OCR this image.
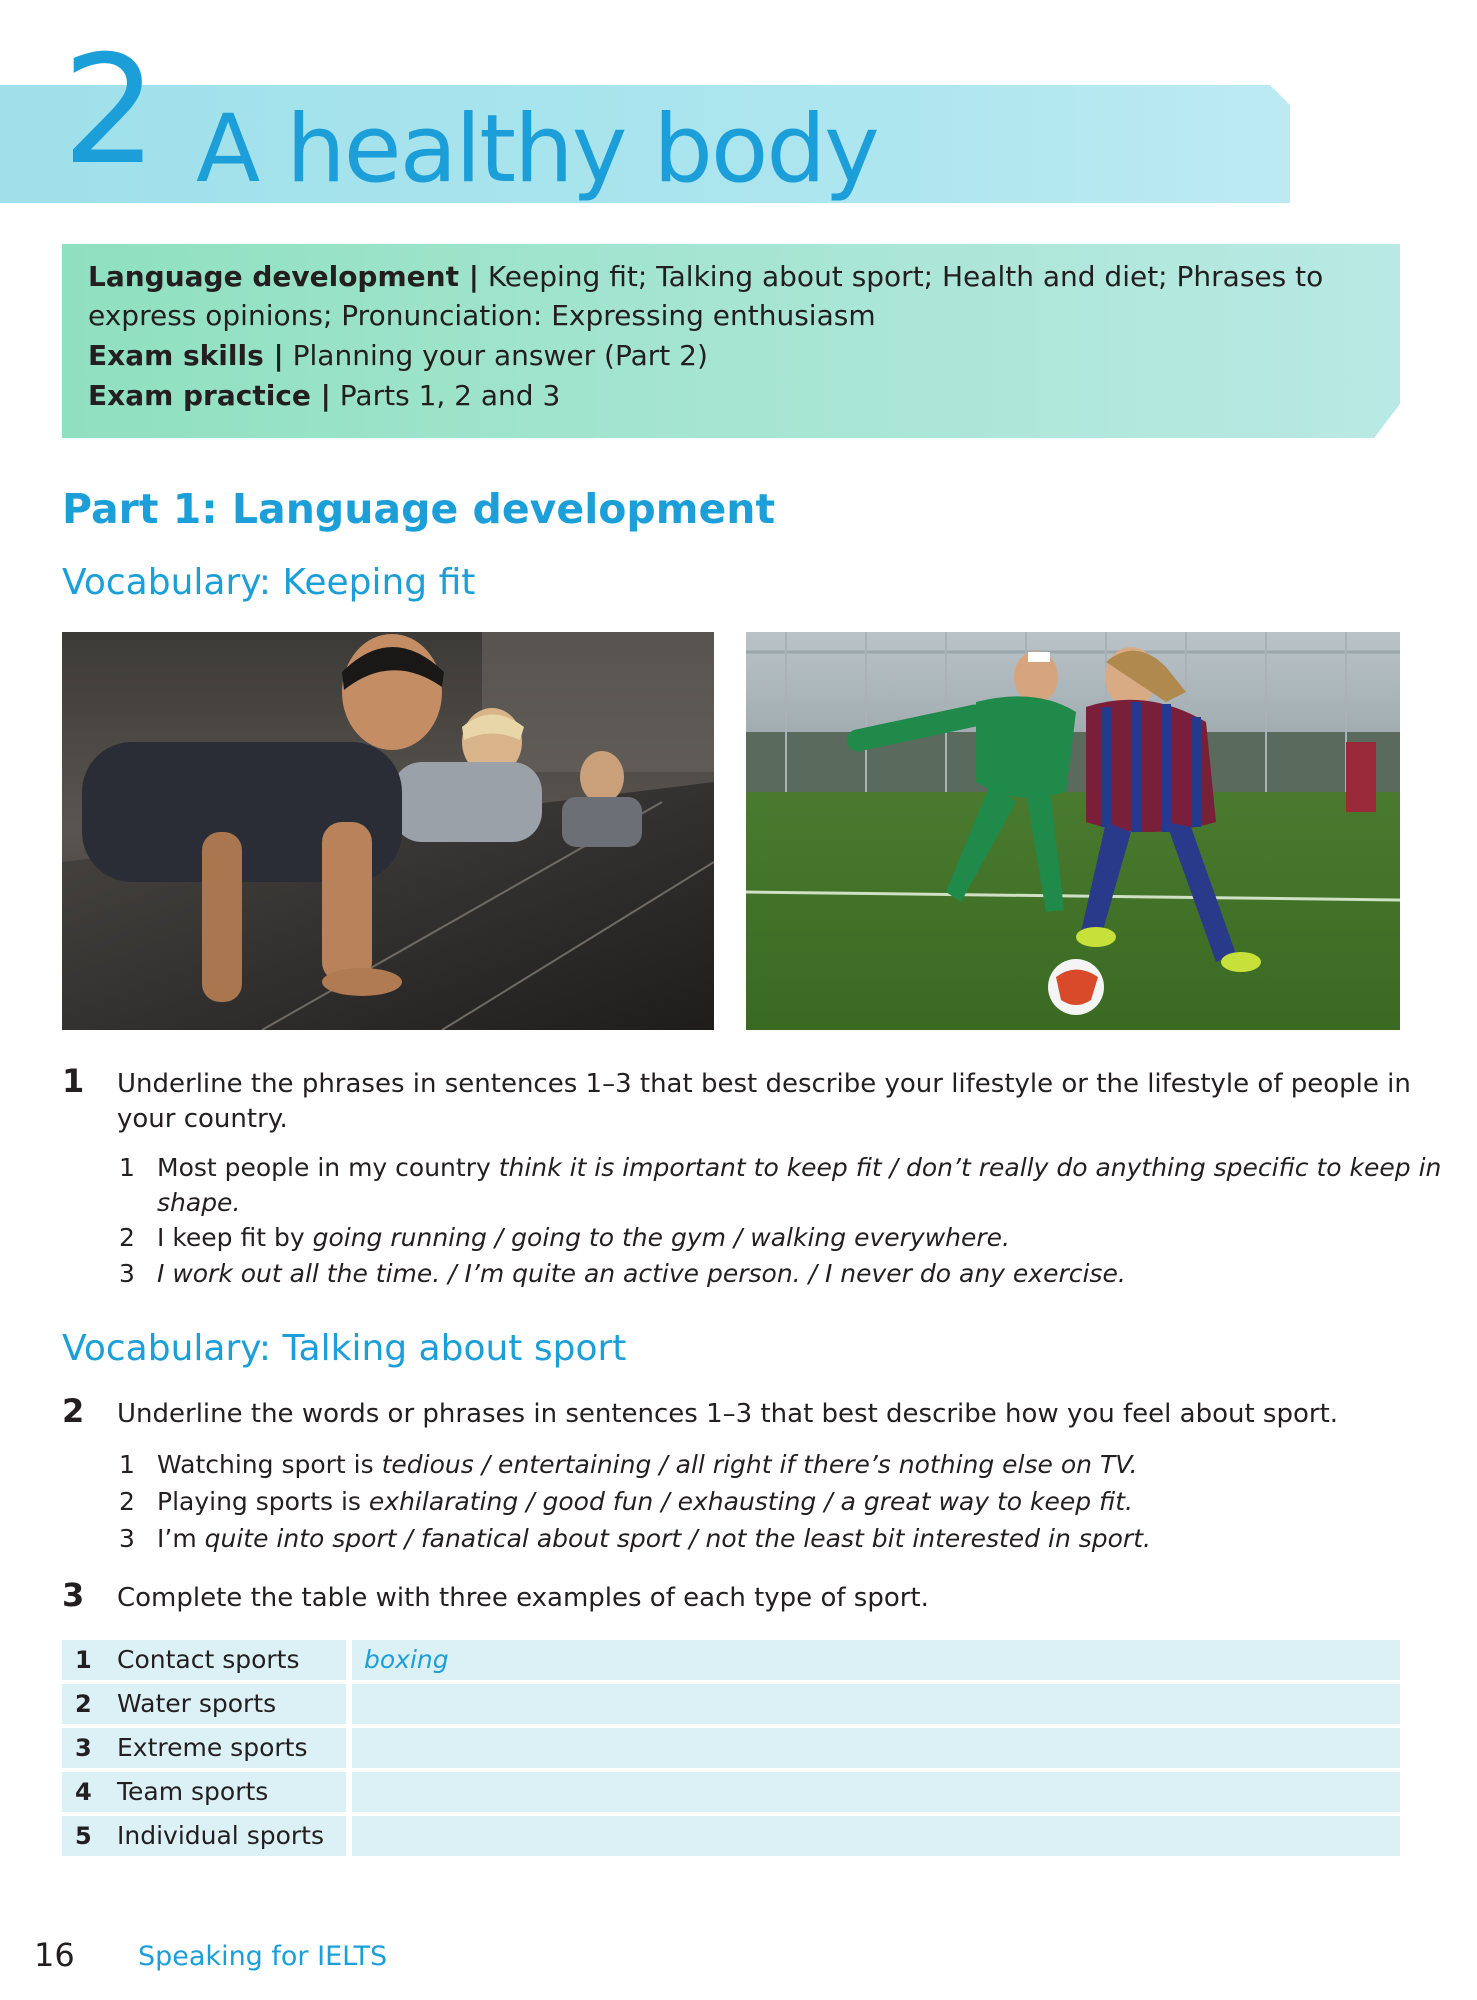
2 A healthy body
Language development | Keeping fit; Talking about sport; Health and diet; Phrases to
express opinions; Pronunciation: Expressing enthusiasm
Exam skills | Planning your answer (Part 2)
Exam practice | Parts 1, 2 and 3
Part 1: Language development
Vocabulary: Keeping fit
1 Underline the phrases in sentences 1–3 that best describe your lifestyle or the lifestyle of people in
your country.
1 Most people in my country think it is important to keep fit / don’t really do anything specific to keep in
shape.
2 I keep fit by going running / going to the gym / walking everywhere.
3 I work out all the time. / I’m quite an active person. / I never do any exercise.
Vocabulary: Talking about sport
2 Underline the words or phrases in sentences 1–3 that best describe how you feel about sport.
1 Watching sport is tedious / entertaining / all right if there’s nothing else on TV.
2 Playing sports is exhilarating / good fun / exhausting / a great way to keep fit.
3 I’m quite into sport / fanatical about sport / not the least bit interested in sport.
3 Complete the table with three examples of each type of sport.
1 Contact sports	boxing
2 Water sports
3 Extreme sports
4 Team sports
5 Individual sports
16 Speaking for IELTS
